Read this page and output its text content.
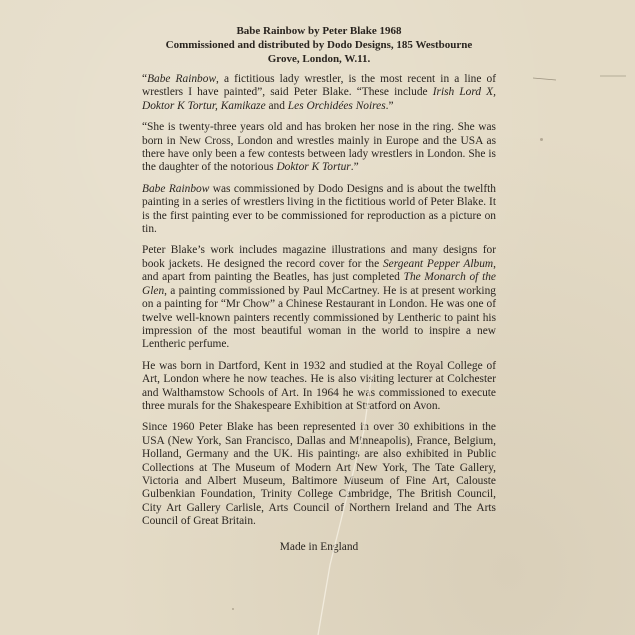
Babe Rainbow by Peter Blake 1968
Commissioned and distributed by Dodo Designs, 185 Westbourne
Grove, London, W.11.

“Babe Rainbow, a fictitious lady wrestler, is the most recent in a line of wrestlers I have painted”, said Peter Blake. “These include Irish Lord X, Doktor K Tortur, Kamikaze and Les Orchidées Noires.”

“She is twenty-three years old and has broken her nose in the ring. She was born in New Cross, London and wrestles mainly in Europe and the USA as there have only been a few contests between lady wrestlers in London. She is the daughter of the notorious Doktor K Tortur.”

Babe Rainbow was commissioned by Dodo Designs and is about the twelfth painting in a series of wrestlers living in the fictitious world of Peter Blake. It is the first painting ever to be commissioned for reproduction as a picture on tin.

Peter Blake’s work includes magazine illustrations and many designs for book jackets. He designed the record cover for the Sergeant Pepper Album, and apart from painting the Beatles, has just completed The Monarch of the Glen, a painting commissioned by Paul McCartney. He is at present working on a painting for “Mr Chow” a Chinese Restaurant in London. He was one of twelve well-known painters recently commissioned by Lentheric to paint his impression of the most beautiful woman in the world to inspire a new Lentheric perfume.

He was born in Dartford, Kent in 1932 and studied at the Royal College of Art, London where he now teaches. He is also visiting lecturer at Colchester and Walthamstow Schools of Art. In 1964 he was commissioned to execute three murals for the Shakespeare Exhibition at Stratford on Avon.

Since 1960 Peter Blake has been represented in over 30 exhibitions in the USA (New York, San Francisco, Dallas and Minneapolis), France, Belgium, Holland, Germany and the UK. His paintings are also exhibited in Public Collections at The Museum of Modern Art New York, The Tate Gallery, Victoria and Albert Museum, Baltimore Museum of Fine Art, Calouste Gulbenkian Foundation, Trinity College Cambridge, The British Council, City Art Gallery Carlisle, Arts Council of Northern Ireland and The Arts Council of Great Britain.

Made in England
